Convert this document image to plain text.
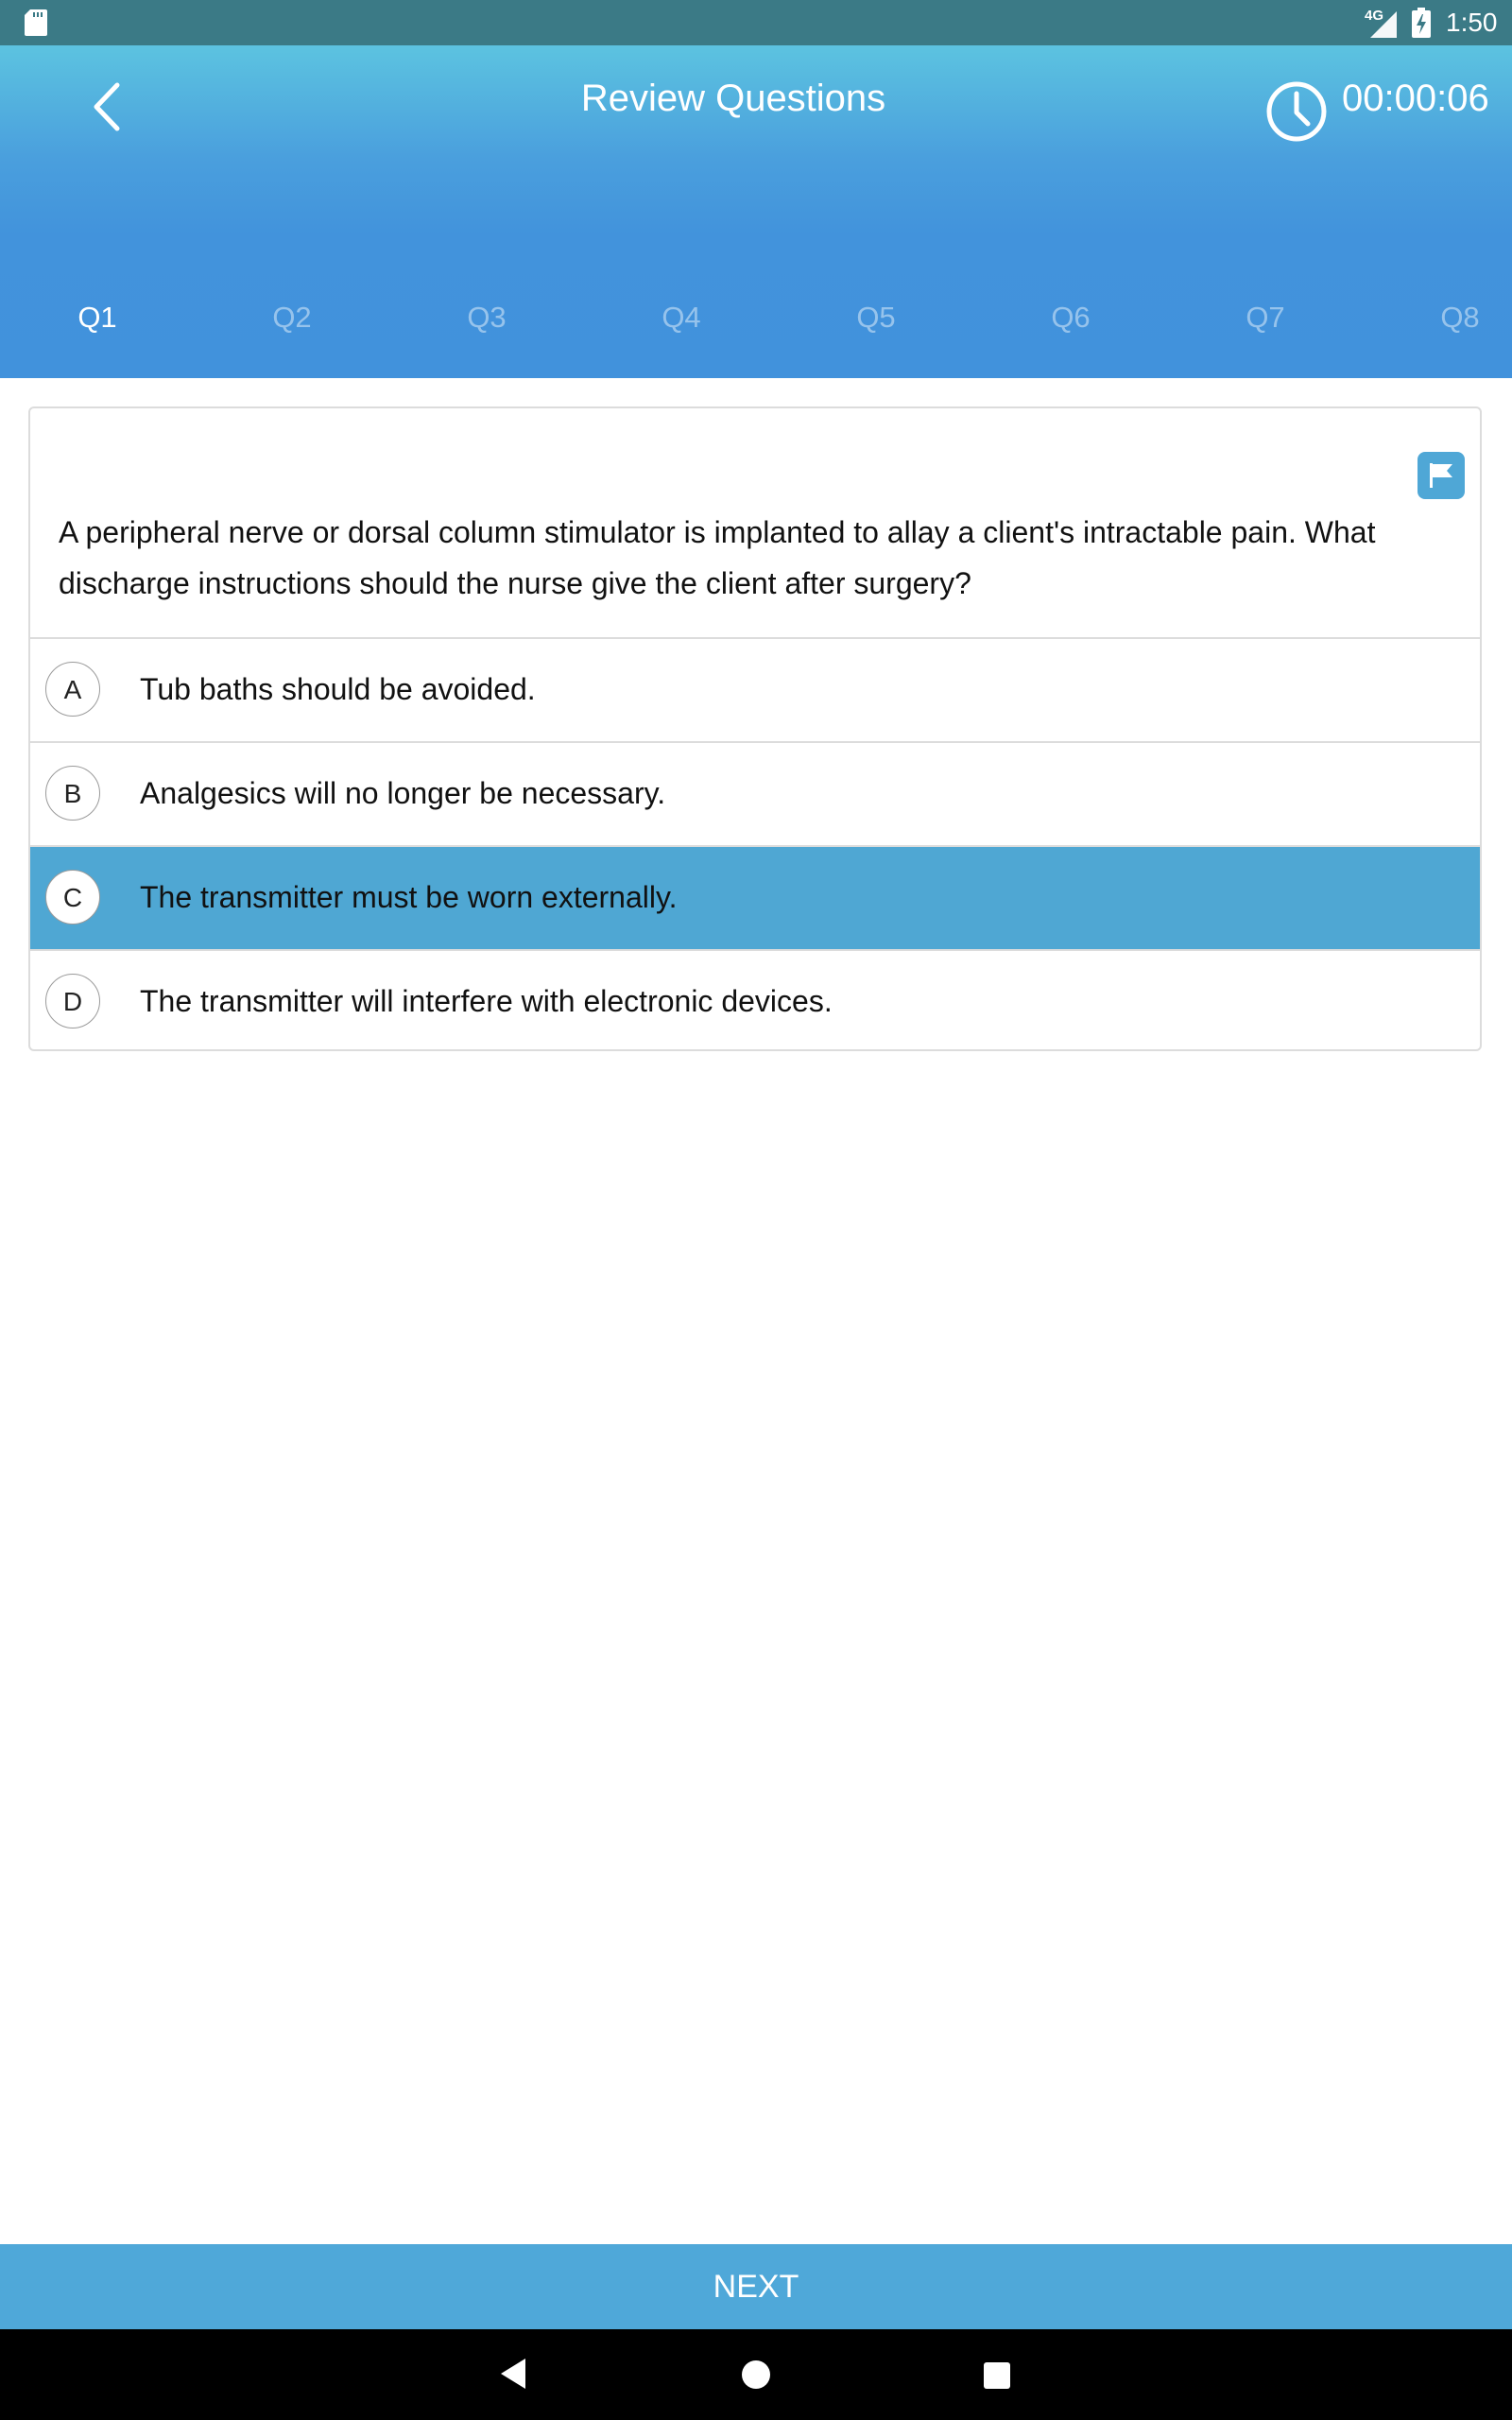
4G 1:50
Review Questions	00:00:06
Q1	Q2	Q3	Q4	Q5	Q6	Q7	Q8
A peripheral nerve or dorsal column stimulator is implanted to allay a client's intractable pain. What discharge instructions should the nurse give the client after surgery?
A	Tub baths should be avoided.
B	Analgesics will no longer be necessary.
C	The transmitter must be worn externally.
D	The transmitter will interfere with electronic devices.
NEXT
